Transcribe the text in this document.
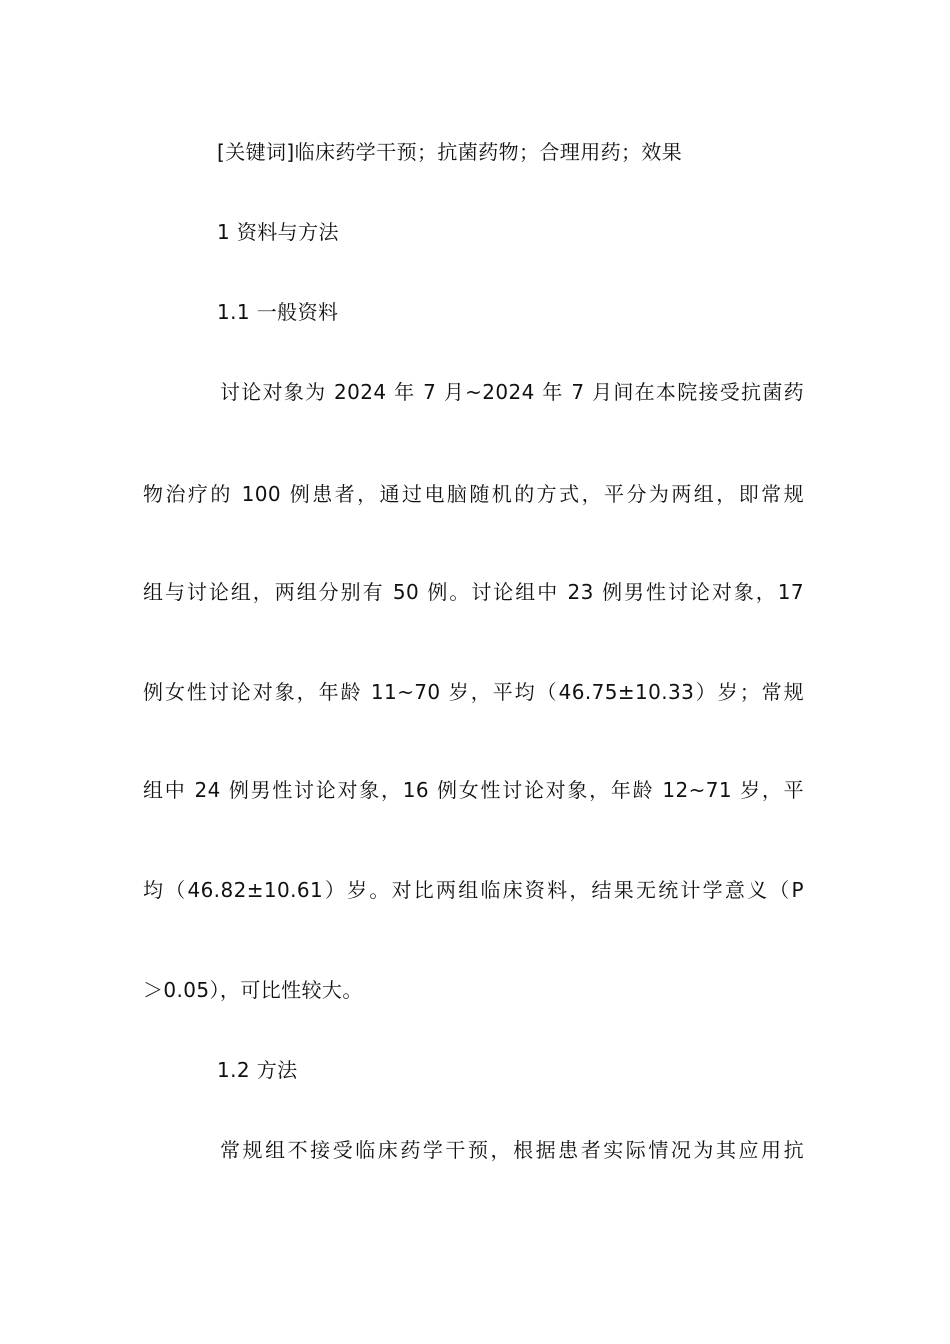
[关键词]临床药学干预；抗菌药物；合理用药；效果

1 资料与方法

1.1 一般资料

讨论对象为 2024 年 7 月~2024 年 7 月间在本院接受抗菌药

物治疗的 100 例患者，通过电脑随机的方式，平分为两组，即常规

组与讨论组，两组分别有 50 例。讨论组中 23 例男性讨论对象，17

例女性讨论对象，年龄 11~70 岁，平均（46.75±10.33）岁；常规

组中 24 例男性讨论对象，16 例女性讨论对象，年龄 12~71 岁，平

均（46.82±10.61）岁。对比两组临床资料，结果无统计学意义（P

＞0.05），可比性较大。

1.2 方法

常规组不接受临床药学干预，根据患者实际情况为其应用抗
